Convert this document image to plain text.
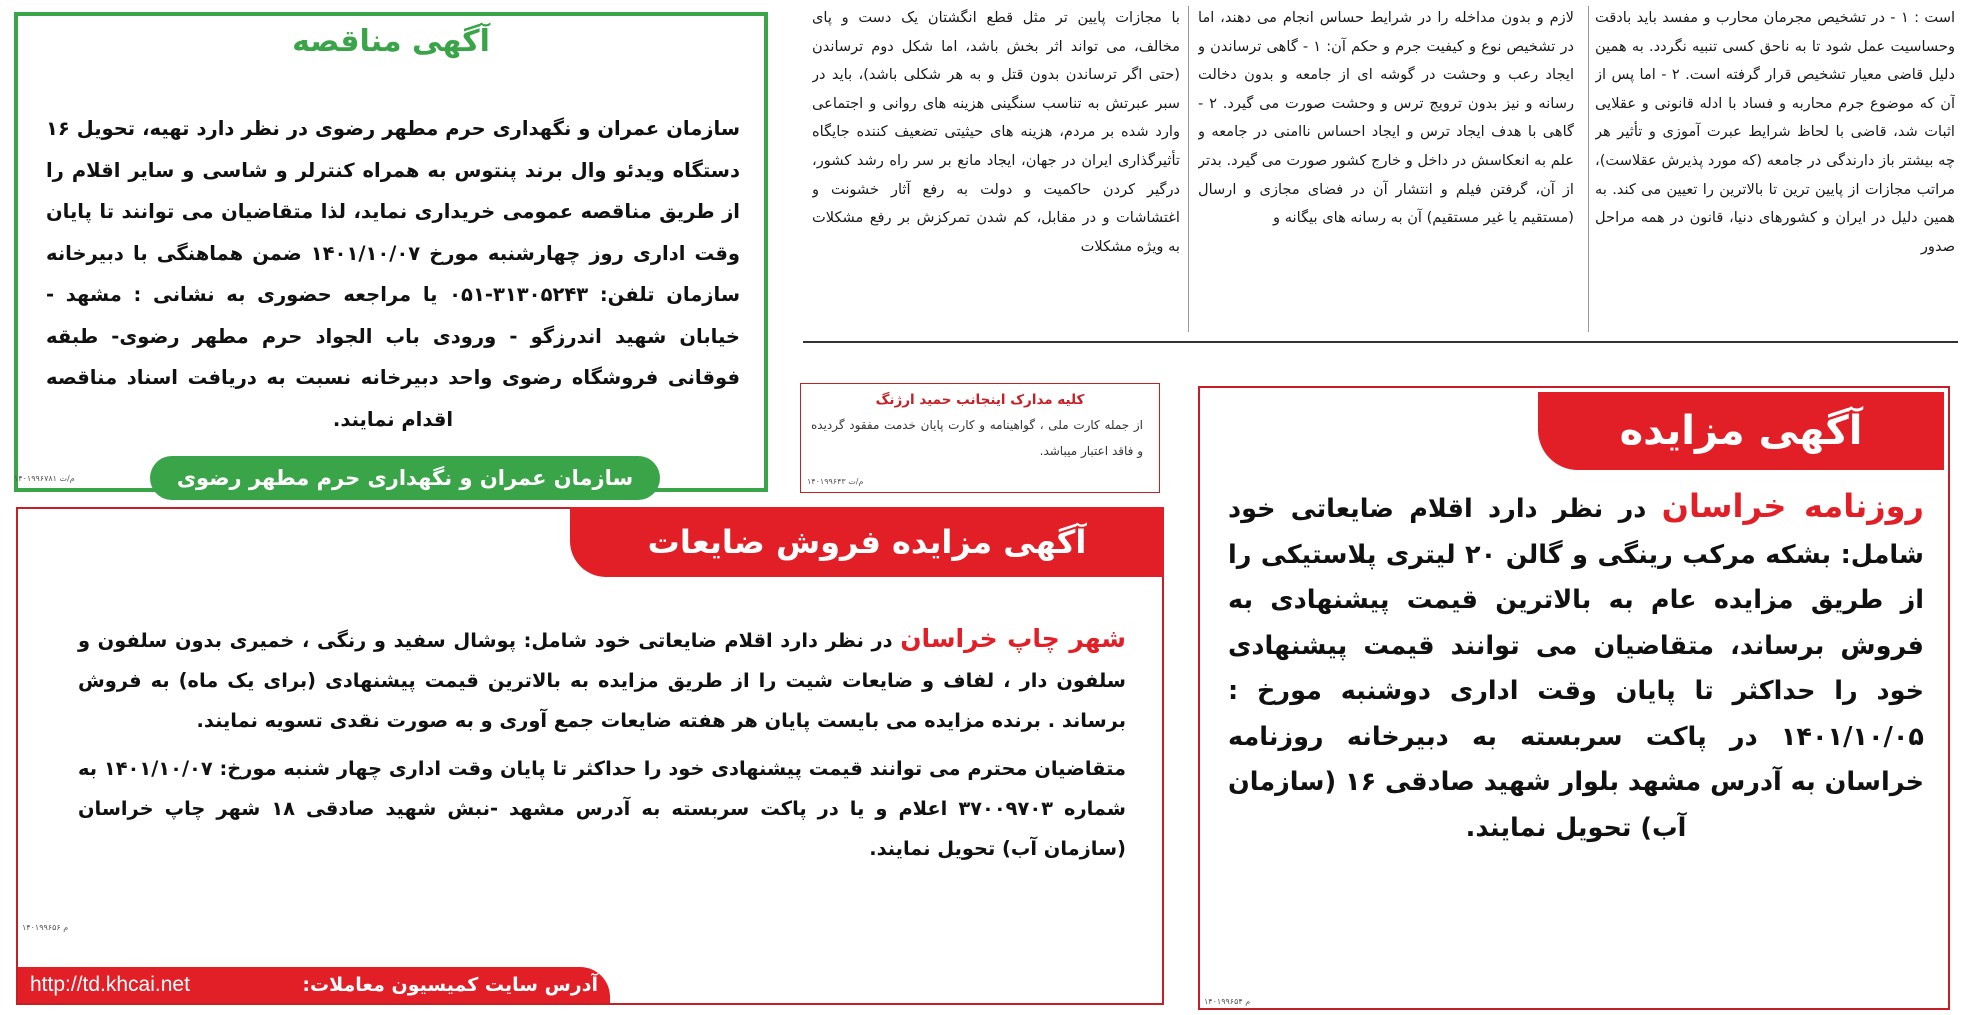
است : ۱ - در تشخیص مجرمان محارب و مفسد باید بادقت وحساسیت عمل شود تا به ناحق کسی تنبیه نگردد. به همین دلیل قاضی معیار تشخیص قرار گرفته است. ۲ - اما پس از آن که موضوع جرم محاربه و فساد با ادله قانونی و عقلایی اثبات شد، قاضی با لحاظ شرایط عبرت آموزی و تأثیر هر چه بیشتر باز دارندگی در جامعه (که مورد پذیرش عقلاست)، مراتب مجازات از پایین ترین تا بالاترین را تعیین می کند. به همین دلیل در ایران و کشورهای دنیا، قانون در همه مراحل صدور

لازم و بدون مداخله را در شرایط حساس انجام می دهند، اما در تشخیص نوع و کیفیت جرم و حکم آن: ۱ - گاهی ترساندن و ایجاد رعب و وحشت در گوشه ای از جامعه و بدون دخالت رسانه و نیز بدون ترویج ترس و وحشت صورت می گیرد. ۲ - گاهی با هدف ایجاد ترس و ایجاد احساس ناامنی در جامعه و علم به انعکاسش در داخل و خارج کشور صورت می گیرد. بدتر از آن، گرفتن فیلم و انتشار آن در فضای مجازی و ارسال (مستقیم یا غیر مستقیم) آن به رسانه های بیگانه و

با مجازات پایین تر مثل قطع انگشتان یک دست و پای مخالف، می تواند اثر بخش باشد، اما شکل دوم ترساندن (حتی اگر ترساندن بدون قتل و به هر شکلی باشد)، باید در سبر عبرتش به تناسب سنگینی هزینه های روانی و اجتماعی وارد شده بر مردم، هزینه های حیثیتی تضعیف کننده جایگاه تأثیرگذاری ایران در جهان، ایجاد مانع بر سر راه رشد کشور، درگیر کردن حاکمیت و دولت به رفع آثار خشونت و اغتشاشات و در مقابل، کم شدن تمرکزش بر رفع مشکلات به ویژه مشکلات

آگهی مناقصه
سازمان عمران و نگهداری حرم مطهر رضوی در نظر دارد تهیه، تحویل ۱۶ دستگاه ویدئو وال برند پنتوس به همراه کنترلر و شاسی و سایر اقلام را از طریق مناقصه عمومی خریداری نماید، لذا متقاضیان می توانند تا پایان وقت اداری روز چهارشنبه مورخ ۱۴۰۱/۱۰/۰۷ ضمن هماهنگی با دبیرخانه سازمان تلفن: ۳۱۳۰۵۲۴۳-۰۵۱ یا مراجعه حضوری به نشانی : مشهد - خیابان شهید اندرزگو - ورودی باب الجواد حرم مطهر رضوی- طبقه فوقانی فروشگاه رضوی واحد دبیرخانه نسبت به دریافت اسناد مناقصه اقدام نمایند.
سازمان عمران و نگهداری حرم مطهر رضوی
۱۴۰۱۹۹۶۷۸۱ م/ت
کلیه مدارک اینجانب حمید ارژنگ
از جمله کارت ملی ، گواهینامه و کارت پایان خدمت مفقود گردیده و فاقد اعتبار میباشد.
۱۴۰۱۹۹۶۴۳ م/ت
آگهی مزایده فروش ضایعات

شهر چاپ خراسان در نظر دارد اقلام ضایعاتی خود شامل: پوشال سفید و رنگی ، خمیری بدون سلفون و سلفون دار ، لفاف و ضایعات شیت را از طریق مزایده به بالاترین قیمت پیشنهادی (برای یک ماه) به فروش برساند . برنده مزایده می بایست پایان هر هفته ضایعات جمع آوری و به صورت نقدی تسویه نمایند.

متقاضیان محترم می توانند قیمت پیشنهادی خود را حداکثر تا پایان وقت اداری چهار شنبه مورخ: ۱۴۰۱/۱۰/۰۷ به شماره ۳۷۰۰۹۷۰۳ اعلام و یا در پاکت سربسته به آدرس مشهد -نبش شهید صادقی ۱۸ شهر چاپ خراسان (سازمان آب) تحویل نمایند.

۱۴۰۱۹۹۶۵۶ م
آدرس سایت کمیسیون معاملات:
http://td.khcai.net
آگهی مزایده
روزنامه خراسان در نظر دارد اقلام ضایعاتی خود شامل: بشکه مرکب رینگی و گالن ۲۰ لیتری پلاستیکی را از طریق مزایده عام به بالاترین قیمت پیشنهادی به فروش برساند، متقاضیان می توانند قیمت پیشنهادی خود را حداکثر تا پایان وقت اداری دوشنبه مورخ : ۱۴۰۱/۱۰/۰۵ در پاکت سربسته به دبیرخانه روزنامه خراسان به آدرس مشهد بلوار شهید صادقی ۱۶ (سازمان آب) تحویل نمایند.
۱۴۰۱۹۹۶۵۴ م
